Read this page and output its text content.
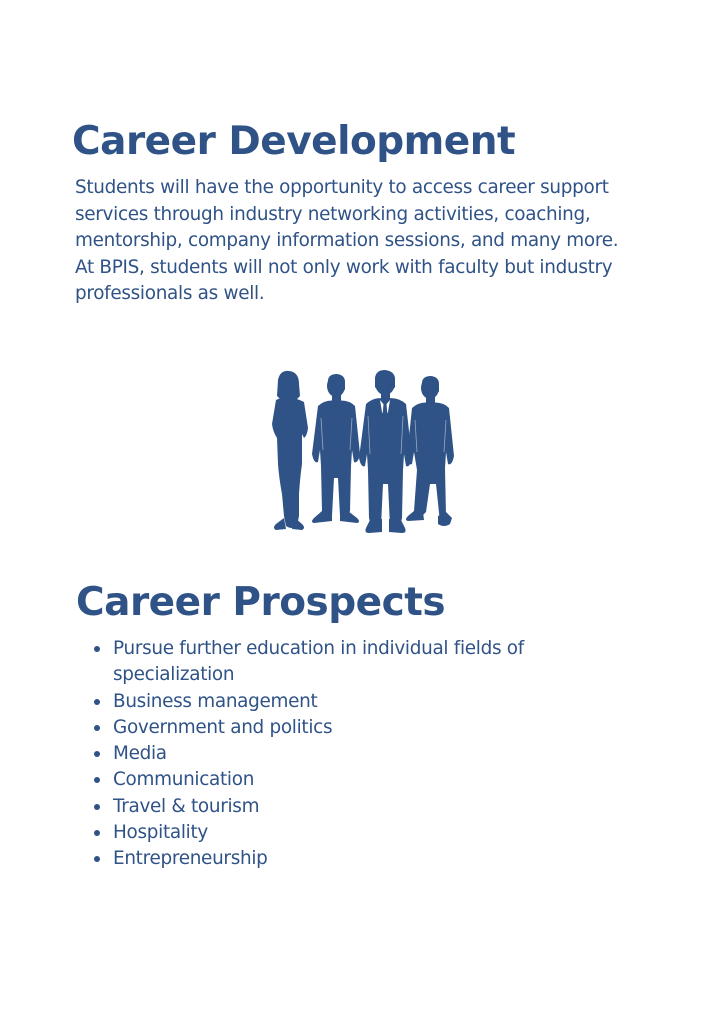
Career Development

Students will have the opportunity to access career support services through industry networking activities, coaching, mentorship, company information sessions, and many more. At BPIS, students will not only work with faculty but industry professionals as well.

Career Prospects
Pursue further education in individual fields of specialization
Business management
Government and politics
Media
Communication
Travel & tourism
Hospitality
Entrepreneurship
